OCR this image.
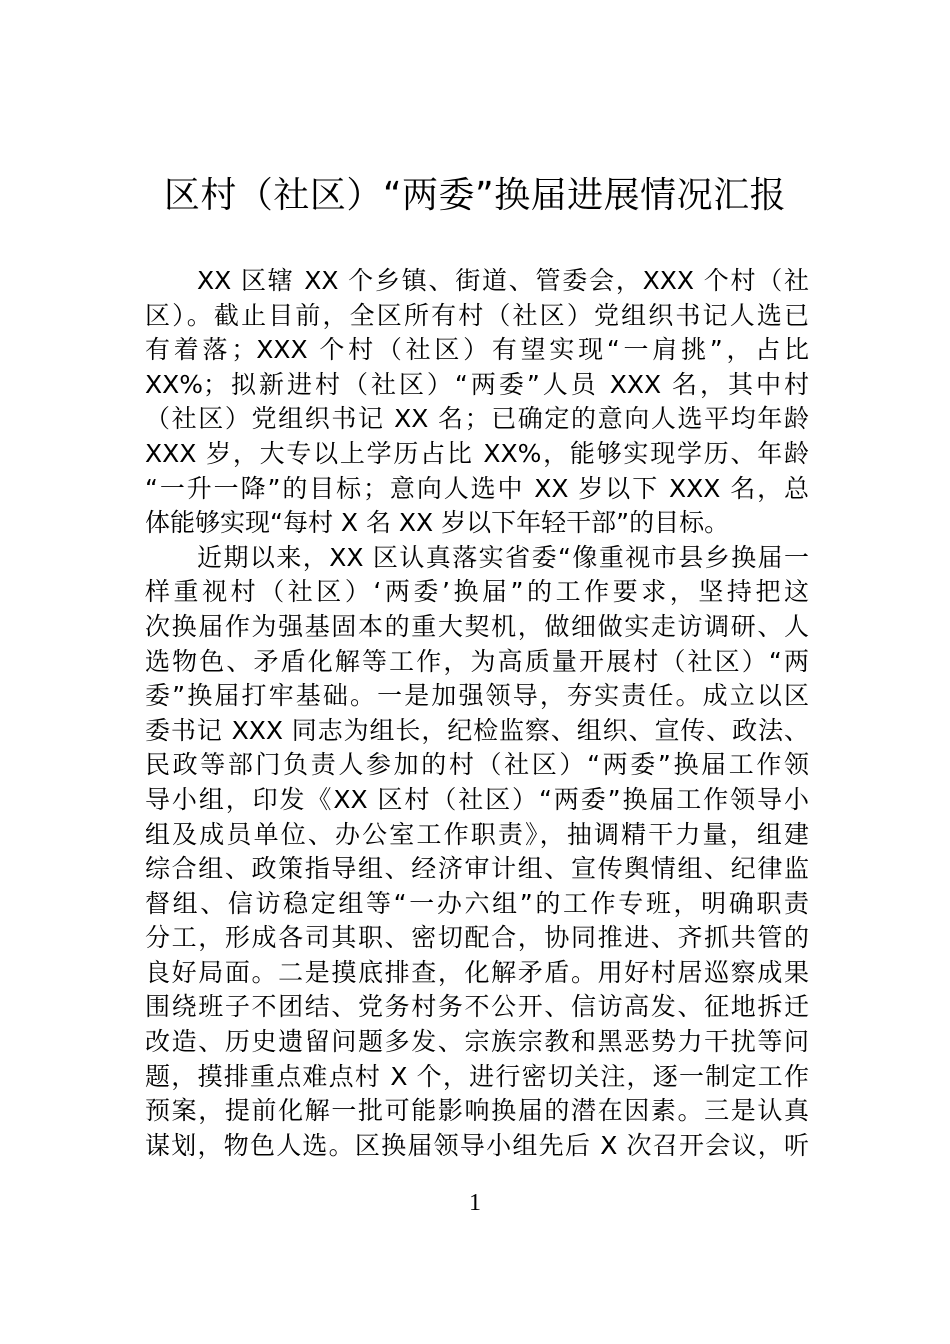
区村（社区）“两委”换届进展情况汇报
XX 区辖 XX 个乡镇、街道、管委会，XXX 个村（社
区）。截止目前，全区所有村（社区）党组织书记人选已
有着落；XXX 个村（社区）有望实现“一肩挑”，占比
XX%；拟新进村（社区）“两委”人员 XXX 名，其中村
（社区）党组织书记 XX 名；已确定的意向人选平均年龄
XXX 岁，大专以上学历占比 XX%，能够实现学历、年龄
“一升一降”的目标；意向人选中 XX 岁以下 XXX 名，总
体能够实现“每村 X 名 XX 岁以下年轻干部”的目标。
近期以来，XX 区认真落实省委“像重视市县乡换届一
样重视村（社区）‘两委’换届”的工作要求，坚持把这
次换届作为强基固本的重大契机，做细做实走访调研、人
选物色、矛盾化解等工作，为高质量开展村（社区）“两
委”换届打牢基础。一是加强领导，夯实责任。成立以区
委书记 XXX 同志为组长，纪检监察、组织、宣传、政法、
民政等部门负责人参加的村（社区）“两委”换届工作领
导小组，印发《XX 区村（社区）“两委”换届工作领导小
组及成员单位、办公室工作职责》，抽调精干力量，组建
综合组、政策指导组、经济审计组、宣传舆情组、纪律监
督组、信访稳定组等“一办六组”的工作专班，明确职责
分工，形成各司其职、密切配合，协同推进、齐抓共管的
良好局面。二是摸底排查，化解矛盾。用好村居巡察成果
围绕班子不团结、党务村务不公开、信访高发、征地拆迁
改造、历史遗留问题多发、宗族宗教和黑恶势力干扰等问
题，摸排重点难点村 X 个，进行密切关注，逐一制定工作
预案，提前化解一批可能影响换届的潜在因素。三是认真
谋划，物色人选。区换届领导小组先后 X 次召开会议，听
1
